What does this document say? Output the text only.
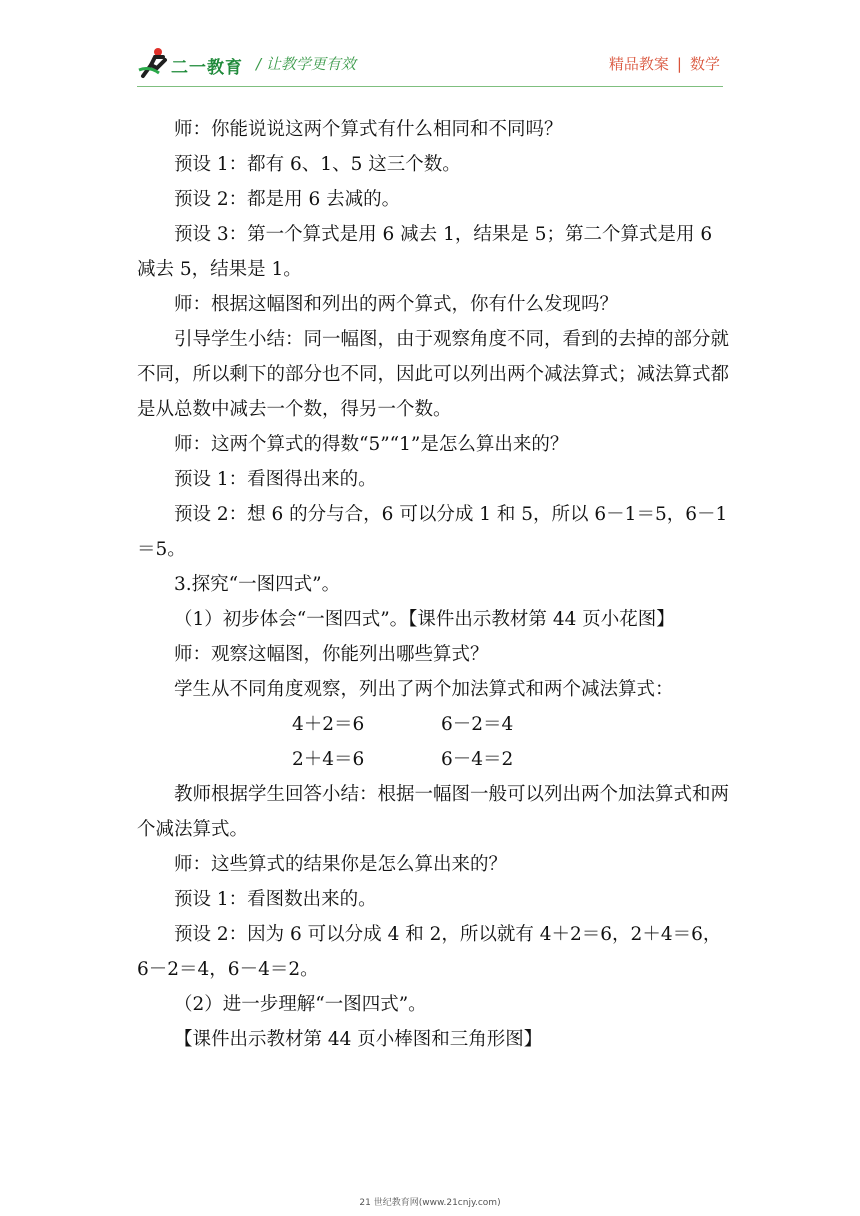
二一教育 / 让教学更有效	精品教案 | 数学

师：你能说说这两个算式有什么相同和不同吗？

预设 1：都有 6、1、5 这三个数。

预设 2：都是用 6 去减的。

预设 3：第一个算式是用 6 减去 1，结果是 5；第二个算式是用 6 减去 5，结果是 1。

师：根据这幅图和列出的两个算式，你有什么发现吗？

引导学生小结：同一幅图，由于观察角度不同，看到的去掉的部分就不同，所以剩下的部分也不同，因此可以列出两个减法算式；减法算式都是从总数中减去一个数，得另一个数。

师：这两个算式的得数“5”“1”是怎么算出来的？

预设 1：看图得出来的。

预设 2：想 6 的分与合，6 可以分成 1 和 5，所以 6－1＝5，6－1＝5。

3.探究“一图四式”。

（1）初步体会“一图四式”。【课件出示教材第 44 页小花图】

师：观察这幅图，你能列出哪些算式？

学生从不同角度观察，列出了两个加法算式和两个减法算式：

4＋2＝6	6－2＝4
2＋4＝6	6－4＝2

教师根据学生回答小结：根据一幅图一般可以列出两个加法算式和两个减法算式。

师：这些算式的结果你是怎么算出来的？

预设 1：看图数出来的。

预设 2：因为 6 可以分成 4 和 2，所以就有 4＋2＝6，2＋4＝6，6－2＝4，6－4＝2。

（2）进一步理解“一图四式”。

【课件出示教材第 44 页小棒图和三角形图】

21 世纪教育网(www.21cnjy.com)
